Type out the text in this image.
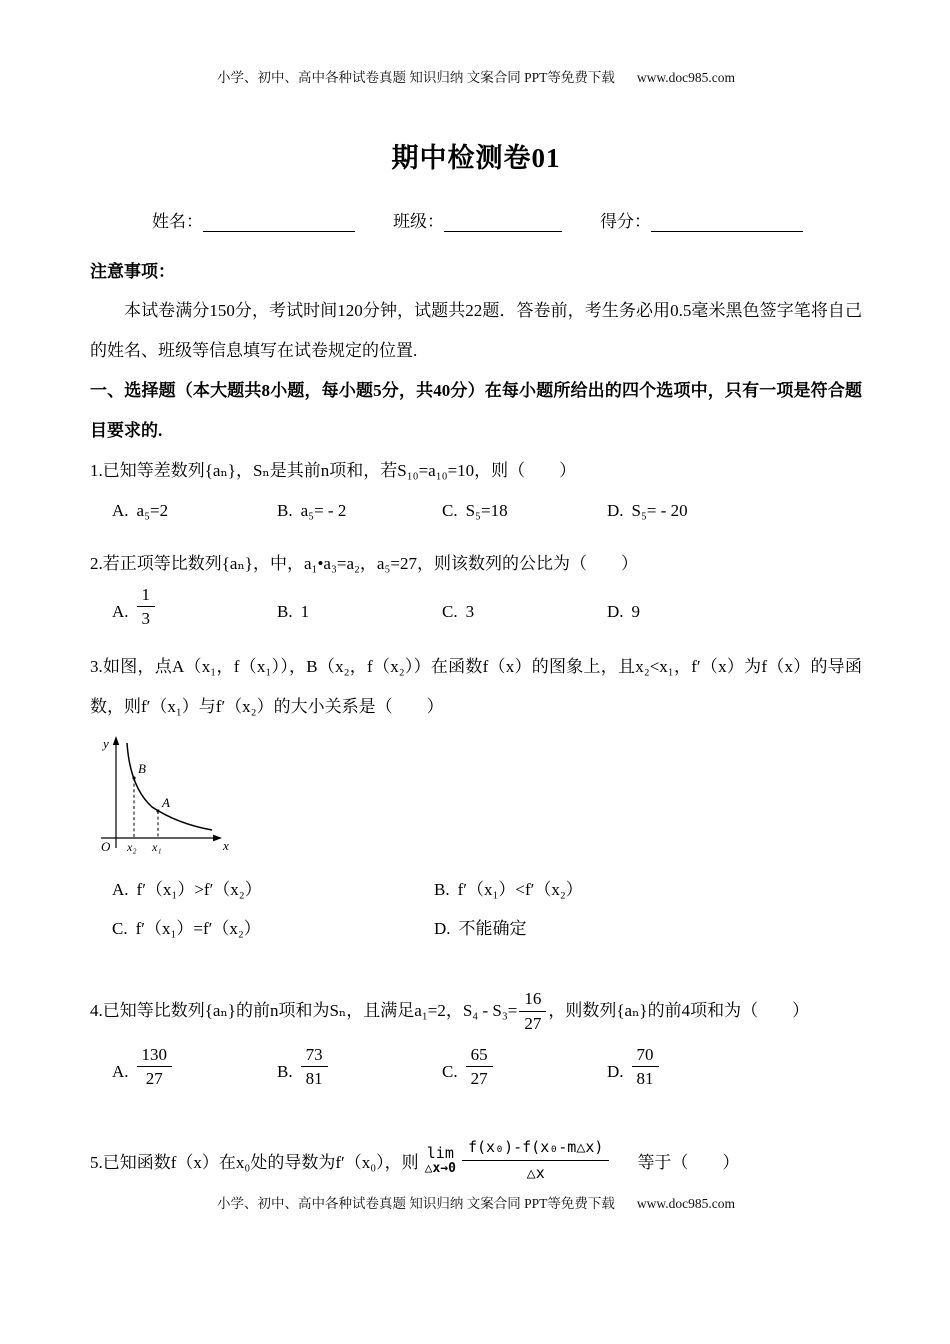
小学、初中、高中各种试卷真题 知识归纳 文案合同 PPT等免费下载 www.doc985.com
期中检测卷01
姓名：	班级：	得分：
注意事项：
本试卷满分150分，考试时间120分钟，试题共22题．答卷前，考生务必用0.5毫米黑色签字笔将自己的姓名、班级等信息填写在试卷规定的位置.
一、选择题（本大题共8小题，每小题5分，共40分）在每小题所给出的四个选项中，只有一项是符合题目要求的.
1.已知等差数列{aₙ}，Sₙ是其前n项和，若S₁₀=a₁₀=10，则（　　）
A. a₅=2	B. a₅= - 2	C. S₅=18	D. S₅= - 20
2.若正项等比数列{aₙ}，中，a₁•a₃=a₂，a₅=27，则该数列的公比为（　　）
A. $\frac{1}{3}$	B. 1	C. 3	D. 9
3.如图，点A（x₁，f（x₁）），B（x₂，f（x₂））在函数f（x）的图象上，且x₂<x₁，f′（x）为f（x）的导函数，则f′（x₁）与f′（x₂）的大小关系是（　　）
y
x
O
B
A
x₂ x₁
A. f′（x₁）>f′（x₂）	B. f′（x₁）<f′（x₂）
C. f′（x₁）=f′（x₂）	D. 不能确定
4.已知等比数列{aₙ}的前n项和为Sₙ，且满足a₁=2，$S_4 - S_3= \frac{16}{27}$ ，则数列{aₙ}的前4项和为（　　）
A. $\frac{130}{27}$	B. $\frac{73}{81}$	C. $\frac{65}{27}$	D. $\frac{70}{81}$
5.已知函数f（x）在x₀处的导数为f′（x₀），则 lim
△x→0 $\frac{\text{f(x₀)-f(x₀-m△x)}}{\triangle x}$ 等于（　　）
小学、初中、高中各种试卷真题 知识归纳 文案合同 PPT等免费下载 www.doc985.com
